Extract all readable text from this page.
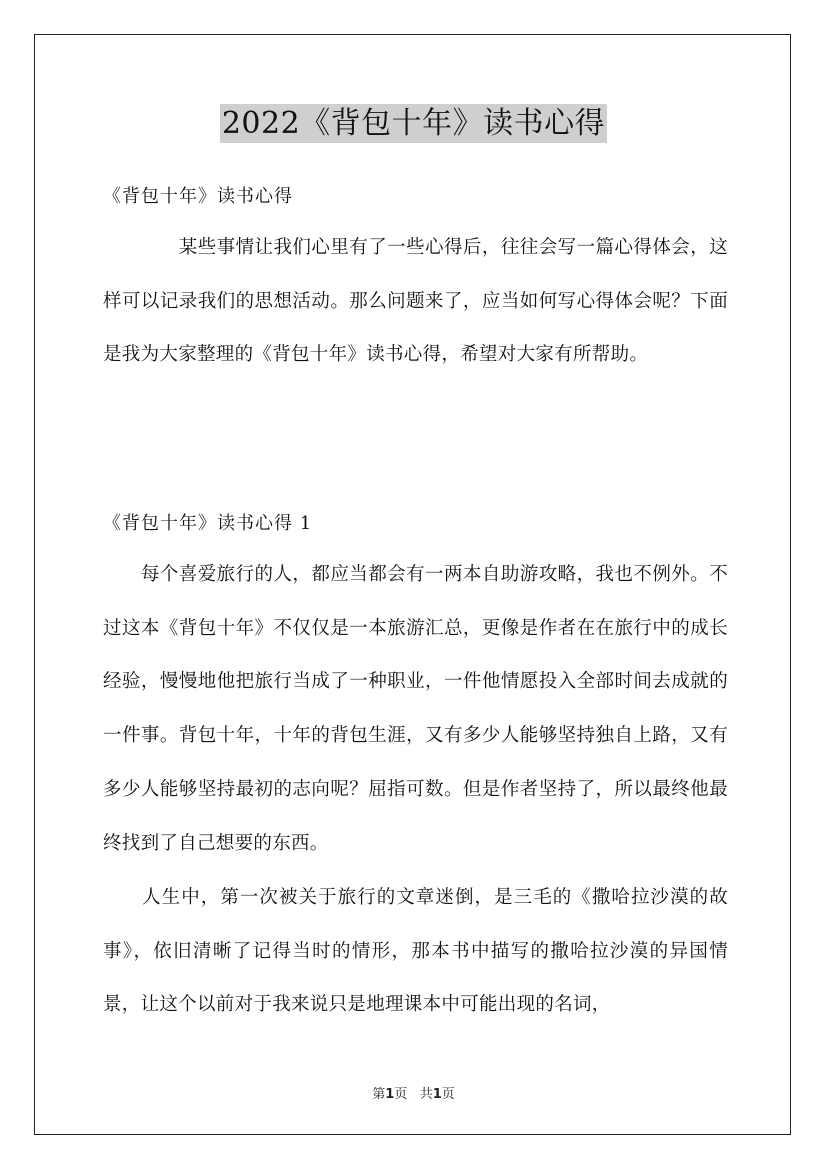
2022《背包十年》读书心得
《背包十年》读书心得

　　　　某些事情让我们心里有了一些心得后，往往会写一篇心得体会，这样可以记录我们的思想活动。那么问题来了，应当如何写心得体会呢？下面是我为大家整理的《背包十年》读书心得，希望对大家有所帮助。

《背包十年》读书心得 1

　　每个喜爱旅行的人，都应当都会有一两本自助游攻略，我也不例外。不过这本《背包十年》不仅仅是一本旅游汇总，更像是作者在在旅行中的成长经验，慢慢地他把旅行当成了一种职业，一件他情愿投入全部时间去成就的一件事。背包十年，十年的背包生涯，又有多少人能够坚持独自上路，又有多少人能够坚持最初的志向呢？屈指可数。但是作者坚持了，所以最终他最终找到了自己想要的东西。

　　人生中，第一次被关于旅行的文章迷倒，是三毛的《撒哈拉沙漠的故事》，依旧清晰了记得当时的情形，那本书中描写的撒哈拉沙漠的异国情景，让这个以前对于我来说只是地理课本中可能出现的名词，

第1页 共1页
